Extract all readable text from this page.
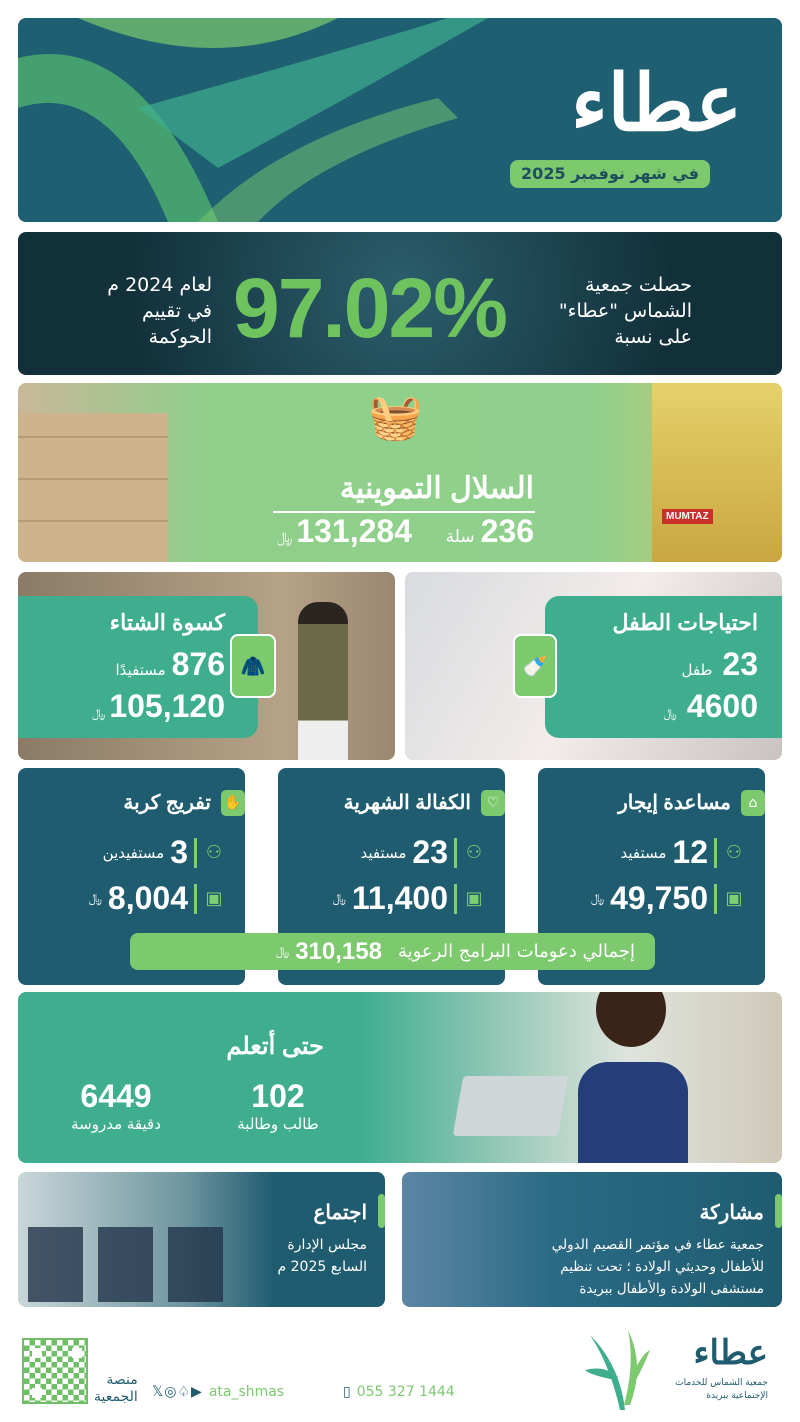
عطاء
في شهر نوفمبر 2025
حصلت جمعية
الشماس "عطاء"
على نسبة
97.02%
لعام 2024 م
في تقييم
الحوكمة
MUMTAZ
🧺
السلال التموينية
236
سلة
131,284
﷼
🧥
كسوة الشتاء
876
مستفيدًا
105,120
﷼
🍼
احتياجات الطفل
23
طفل
4600
﷼
⌂
مساعدة إيجار
⚇
12
مستفيد
▣
49,750
﷼
♡
الكفالة الشهرية
⚇
23
مستفيد
▣
11,400
﷼
✋
تفريج كربة
⚇
3
مستفيدين
▣
8,004
﷼
إجمالي دعومات البرامج الرعوية
310,158
﷼
حتى أتعلم
102
طالب وطالبة
6449
دقيقة مدروسة
مشاركة
جمعية عطاء في مؤتمر القصيم الدولي
للأطفال وحديثي الولادة ؛ تحت تنظيم
مستشفى الولادة والأطفال ببريدة
اجتماع
مجلس الإدارة
السابع 2025 م
عطاء
جمعية الشماس للخدمات
الإجتماعية ببريدة
▯ 055 327 1444
𝕏◎♤▶ ata_shmas
منصة
الجمعية
